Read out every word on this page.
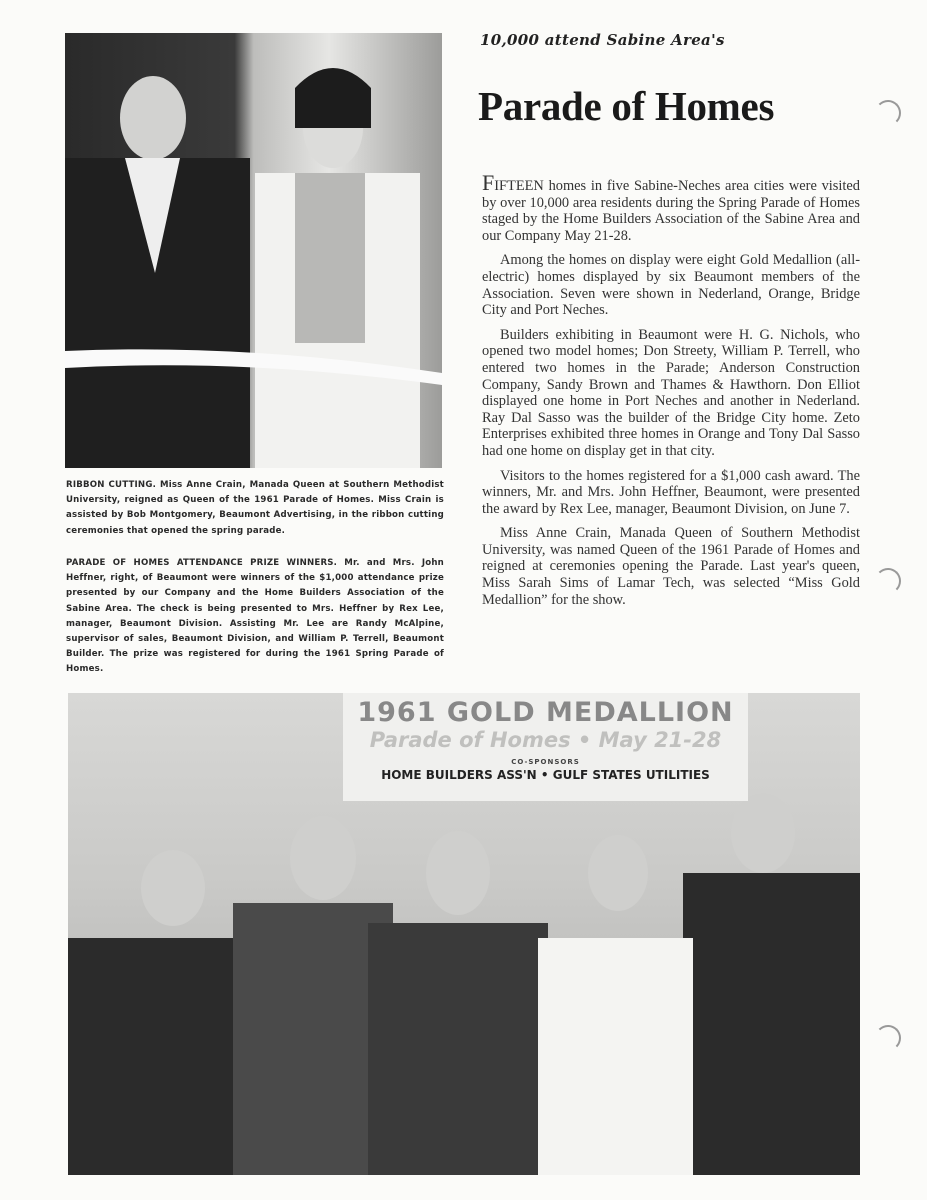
RIBBON CUTTING. Miss Anne Crain, Manada Queen at Southern Methodist University, reigned as Queen of the 1961 Parade of Homes. Miss Crain is assisted by Bob Montgomery, Beaumont Advertising, in the ribbon cutting ceremonies that opened the spring parade.
PARADE OF HOMES ATTENDANCE PRIZE WINNERS. Mr. and Mrs. John Heffner, right, of Beaumont were winners of the $1,000 attendance prize presented by our Company and the Home Builders Association of the Sabine Area. The check is being presented to Mrs. Heffner by Rex Lee, manager, Beaumont Division. Assisting Mr. Lee are Randy McAlpine, supervisor of sales, Beaumont Division, and William P. Terrell, Beaumont Builder. The prize was registered for during the 1961 Spring Parade of Homes.
10,000 attend Sabine Area's
Parade of Homes

FIFTEEN homes in five Sabine-Neches area cities were visited by over 10,000 area residents during the Spring Parade of Homes staged by the Home Builders Association of the Sabine Area and our Company May 21-28.

Among the homes on display were eight Gold Medallion (all-electric) homes displayed by six Beaumont members of the Association. Seven were shown in Nederland, Orange, Bridge City and Port Neches.

Builders exhibiting in Beaumont were H. G. Nichols, who opened two model homes; Don Streety, William P. Terrell, who entered two homes in the Parade; Anderson Construction Company, Sandy Brown and Thames & Hawthorn. Don Elliot displayed one home in Port Neches and another in Nederland. Ray Dal Sasso was the builder of the Bridge City home. Zeto Enterprises exhibited three homes in Orange and Tony Dal Sasso had one home on display get in that city.

Visitors to the homes registered for a $1,000 cash award. The winners, Mr. and Mrs. John Heffner, Beaumont, were presented the award by Rex Lee, manager, Beaumont Division, on June 7.

Miss Anne Crain, Manada Queen of Southern Methodist University, was named Queen of the 1961 Parade of Homes and reigned at ceremonies opening the Parade. Last year's queen, Miss Sarah Sims of Lamar Tech, was selected “Miss Gold Medallion” for the show.

1961 GOLD MEDALLION
Parade of Homes • May 21-28
CO-SPONSORS
HOME BUILDERS ASS'N • GULF STATES UTILITIES
